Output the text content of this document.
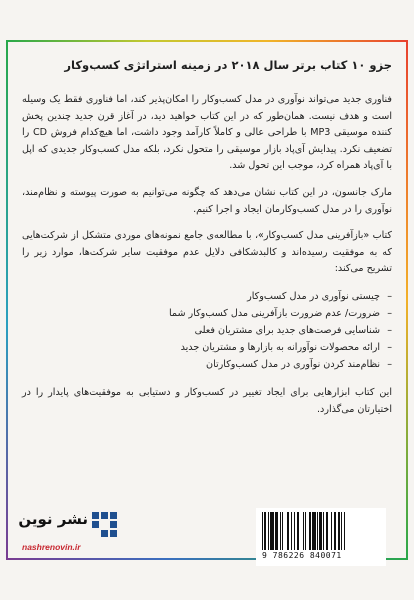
جزو ۱۰ کتاب برتر سال ۲۰۱۸ در زمینه استراتژی کسب‌وکار

فناوری جدید می‌تواند نوآوری در مدل کسب‌وکار را امکان‌پذیر کند، اما فناوری فقط یک وسیله است و هدف نیست. همان‌طور که در این کتاب خواهید دید، در آغاز قرن جدید چندین پخش کننده موسیقی MP3 با طراحی عالی و کاملاً کارآمد وجود داشت، اما هیچ‌کدام فروش CD را تضعیف نکرد. پیدایش آی‌پاد بازار موسیقی را متحول نکرد، بلکه مدل کسب‌وکار جدیدی که اپل با آی‌پاد همراه کرد، موجب این تحول شد.

مارک جانسون، در این کتاب نشان می‌دهد که چگونه می‌توانیم به صورت پیوسته و نظام‌مند، نوآوری را در مدل کسب‌وکارمان ایجاد و اجرا کنیم.

کتاب «بازآفرینی مدل کسب‌وکار»، با مطالعه‌ی جامع نمونه‌های موردی متشکل از شرکت‌هایی که به موفقیت رسیده‌اند و کالبدشکافی دلایل عدم موفقیت سایر شرکت‌ها، موارد زیر را تشریح می‌کند:

–
چیستی نوآوری در مدل کسب‌وکار
–
ضرورت/ عدم ضرورت بازآفرینی مدل کسب‌وکار شما
–
شناسایی فرصت‌های جدید برای مشتریان فعلی
–
ارائه محصولات نوآورانه به بازارها و مشتریان جدید
–
نظام‌مند کردن نوآوری در مدل کسب‌وکارتان

این کتاب ابزارهایی برای ایجاد تغییر در کسب‌وکار و دستیابی به موفقیت‌های پایدار را در اختیارتان می‌گذارد.

نشر نوین
nashrenovin.ir
9 786226 840071
